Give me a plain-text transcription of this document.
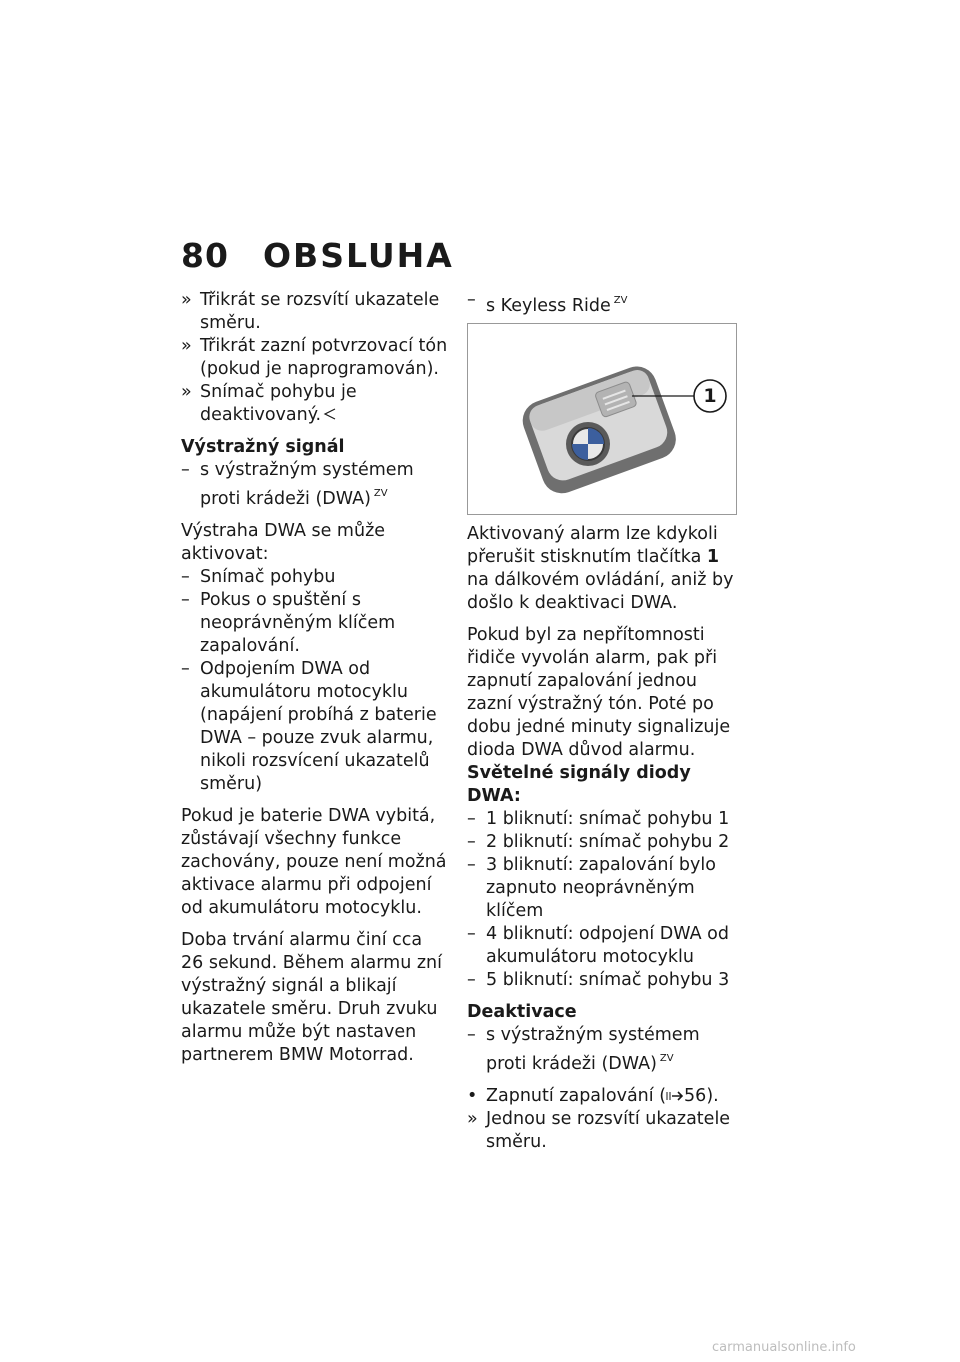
80	OBSLUHA
» Třikrát se rozsvítí ukazatele směru.
» Třikrát zazní potvrzovací tón (pokud je naprogramován).
» Snímač pohybu je deaktivovaný.
Výstražný signál
– s výstražným systémem proti krádeži (DWA) $^{ZV}$
Výstraha DWA se může aktivovat:
– Snímač pohybu
– Pokus o spuštění s neoprávněným klíčem zapalování.
– Odpojením DWA od akumulátoru motocyklu (napájení probíhá z baterie DWA – pouze zvuk alarmu, nikoli rozsvícení ukazatelů směru)
Pokud je baterie DWA vybitá, zůstávají všechny funkce zachovány, pouze není možná aktivace alarmu při odpojení od akumulátoru motocyklu.
Doba trvání alarmu činí cca 26 sekund. Během alarmu zní výstražný signál a blikají ukazatele směru. Druh zvuku alarmu může být nastaven partnerem BMW Motorrad.
– s Keyless Ride $^{ZV}$
1
Aktivovaný alarm lze kdykoli přerušit stisknutím tlačítka 1 na dálkovém ovládání, aniž by došlo k deaktivaci DWA.
Pokud byl za nepřítomnosti řidiče vyvolán alarm, pak při zapnutí zapalování jednou zazní výstražný tón. Poté po dobu jedné minuty signalizuje dioda DWA důvod alarmu.
Světelné signály diody DWA:
– 1 bliknutí: snímač pohybu 1
– 2 bliknutí: snímač pohybu 2
– 3 bliknutí: zapalování bylo zapnuto neoprávněným klíčem
– 4 bliknutí: odpojení DWA od akumulátoru motocyklu
– 5 bliknutí: snímač pohybu 3
Deaktivace
– s výstražným systémem proti krádeži (DWA) $^{ZV}$
• Zapnutí zapalování ( 56).
» Jednou se rozsvítí ukazatele směru.
carmanualsonline.info
